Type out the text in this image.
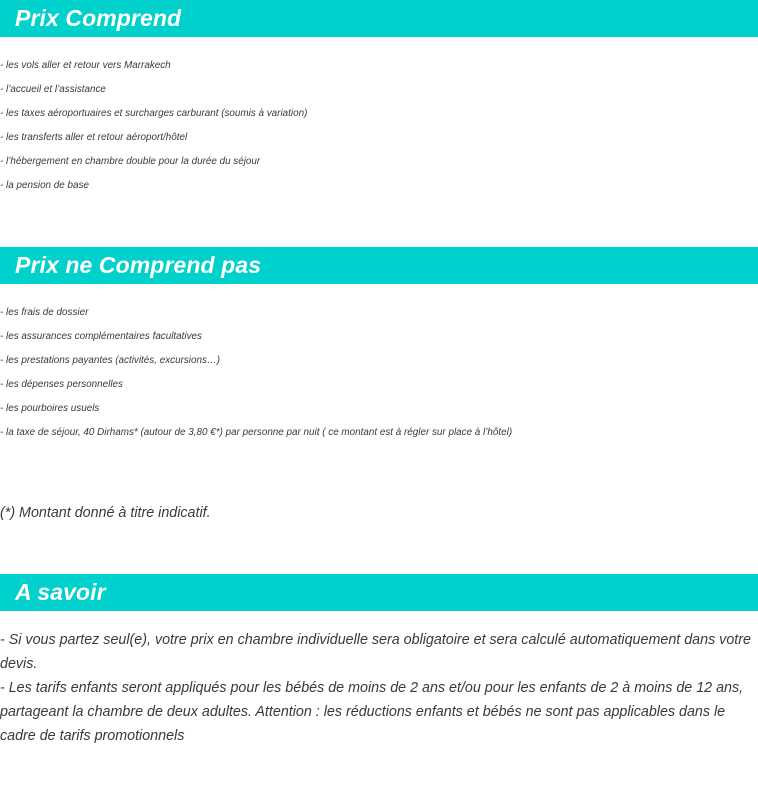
Prix Comprend
- les vols aller et retour vers Marrakech
- l’accueil et l’assistance
- les taxes aéroportuaires et surcharges carburant (soumis à variation)
- les transferts aller et retour aéroport/hôtel
- l’hébergement en chambre double pour la durée du séjour
- la pension de base
Prix ne Comprend pas
- les frais de dossier
- les assurances complémentaires facultatives
- les prestations payantes (activités, excursions…)
- les dépenses personnelles
- les pourboires usuels
- la taxe de séjour, 40 Dirhams* (autour de 3,80 €*) par personne par nuit ( ce montant est à régler sur place à l’hôtel)

(*) Montant donné à titre indicatif.

A savoir

- Si vous partez seul(e), votre prix en chambre individuelle sera obligatoire et sera calculé automatiquement dans votre devis.

- Les tarifs enfants seront appliqués pour les bébés de moins de 2 ans et/ou pour les enfants de 2 à moins de 12 ans, partageant la chambre de deux adultes. Attention : les réductions enfants et bébés ne sont pas applicables dans le cadre de tarifs promotionnels
